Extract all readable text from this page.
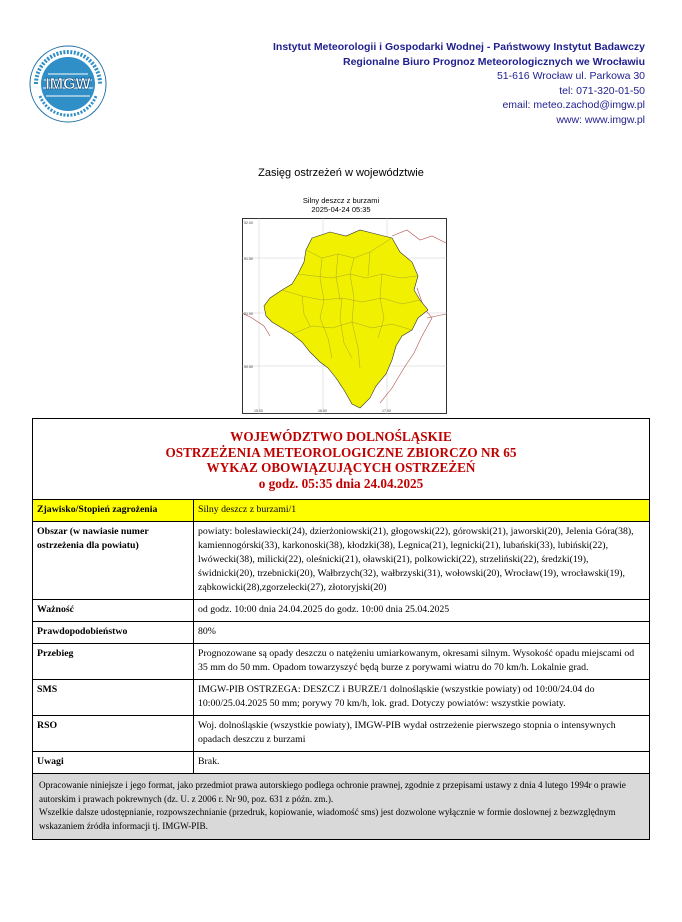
IMGW
Instytut Meteorologii i Gospodarki Wodnej - Państwowy Instytut Badawczy
Regionalne Biuro Prognoz Meteorologicznych we Wrocławiu
51-616 Wrocław ul. Parkowa 30
tel: 071-320-01-50
email: meteo.zachod@imgw.pl
www: www.imgw.pl
Zasięg ostrzeżeń w województwie
Silny deszcz z burzami
2025-04-24 05:35
15.00	16.00	17.00
51.50
51.00
50.50
52.00
WOJEWÓDZTWO DOLNOŚLĄSKIE
OSTRZEŻENIA METEOROLOGICZNE ZBIORCZO NR 65
WYKAZ OBOWIĄZUJĄCYCH OSTRZEŻEŃ
o godz. 05:35 dnia 24.04.2025
Zjawisko/Stopień zagrożenia	Silny deszcz z burzami/1
Obszar (w nawiasie numer ostrzeżenia dla powiatu)	powiaty: bolesławiecki(24), dzierżoniowski(21), głogowski(22), górowski(21), jaworski(20), Jelenia Góra(38), kamiennogórski(33), karkonoski(38), kłodzki(38), Legnica(21), legnicki(21), lubański(33), lubiński(22), lwówecki(38), milicki(22), oleśnicki(21), oławski(21), polkowicki(22), strzeliński(22), średzki(19), świdnicki(20), trzebnicki(20), Wałbrzych(32), wałbrzyski(31), wołowski(20), Wrocław(19), wrocławski(19), ząbkowicki(28),zgorzelecki(27), złotoryjski(20)
Ważność	od godz. 10:00 dnia 24.04.2025 do godz. 10:00 dnia 25.04.2025
Prawdopodobieństwo	80%
Przebieg	Prognozowane są opady deszczu o natężeniu umiarkowanym, okresami silnym. Wysokość opadu miejscami od 35 mm do 50 mm. Opadom towarzyszyć będą burze z porywami wiatru do 70 km/h. Lokalnie grad.
SMS	IMGW-PIB OSTRZEGA: DESZCZ i BURZE/1 dolnośląskie (wszystkie powiaty) od 10:00/24.04 do 10:00/25.04.2025 50 mm; porywy 70 km/h, lok. grad. Dotyczy powiatów: wszystkie powiaty.
RSO	Woj. dolnośląskie (wszystkie powiaty), IMGW-PIB wydał ostrzeżenie pierwszego stopnia o intensywnych opadach deszczu z burzami
Uwagi	Brak.
Opracowanie niniejsze i jego format, jako przedmiot prawa autorskiego podlega ochronie prawnej, zgodnie z przepisami ustawy z dnia 4 lutego 1994r o prawie autorskim i prawach pokrewnych (dz. U. z 2006 r. Nr 90, poz. 631 z późn. zm.).
Wszelkie dalsze udostępnianie, rozpowszechnianie (przedruk, kopiowanie, wiadomość sms) jest dozwolone wyłącznie w formie doslownej z bezwzględnym wskazaniem źródła informacji tj. IMGW-PIB.
